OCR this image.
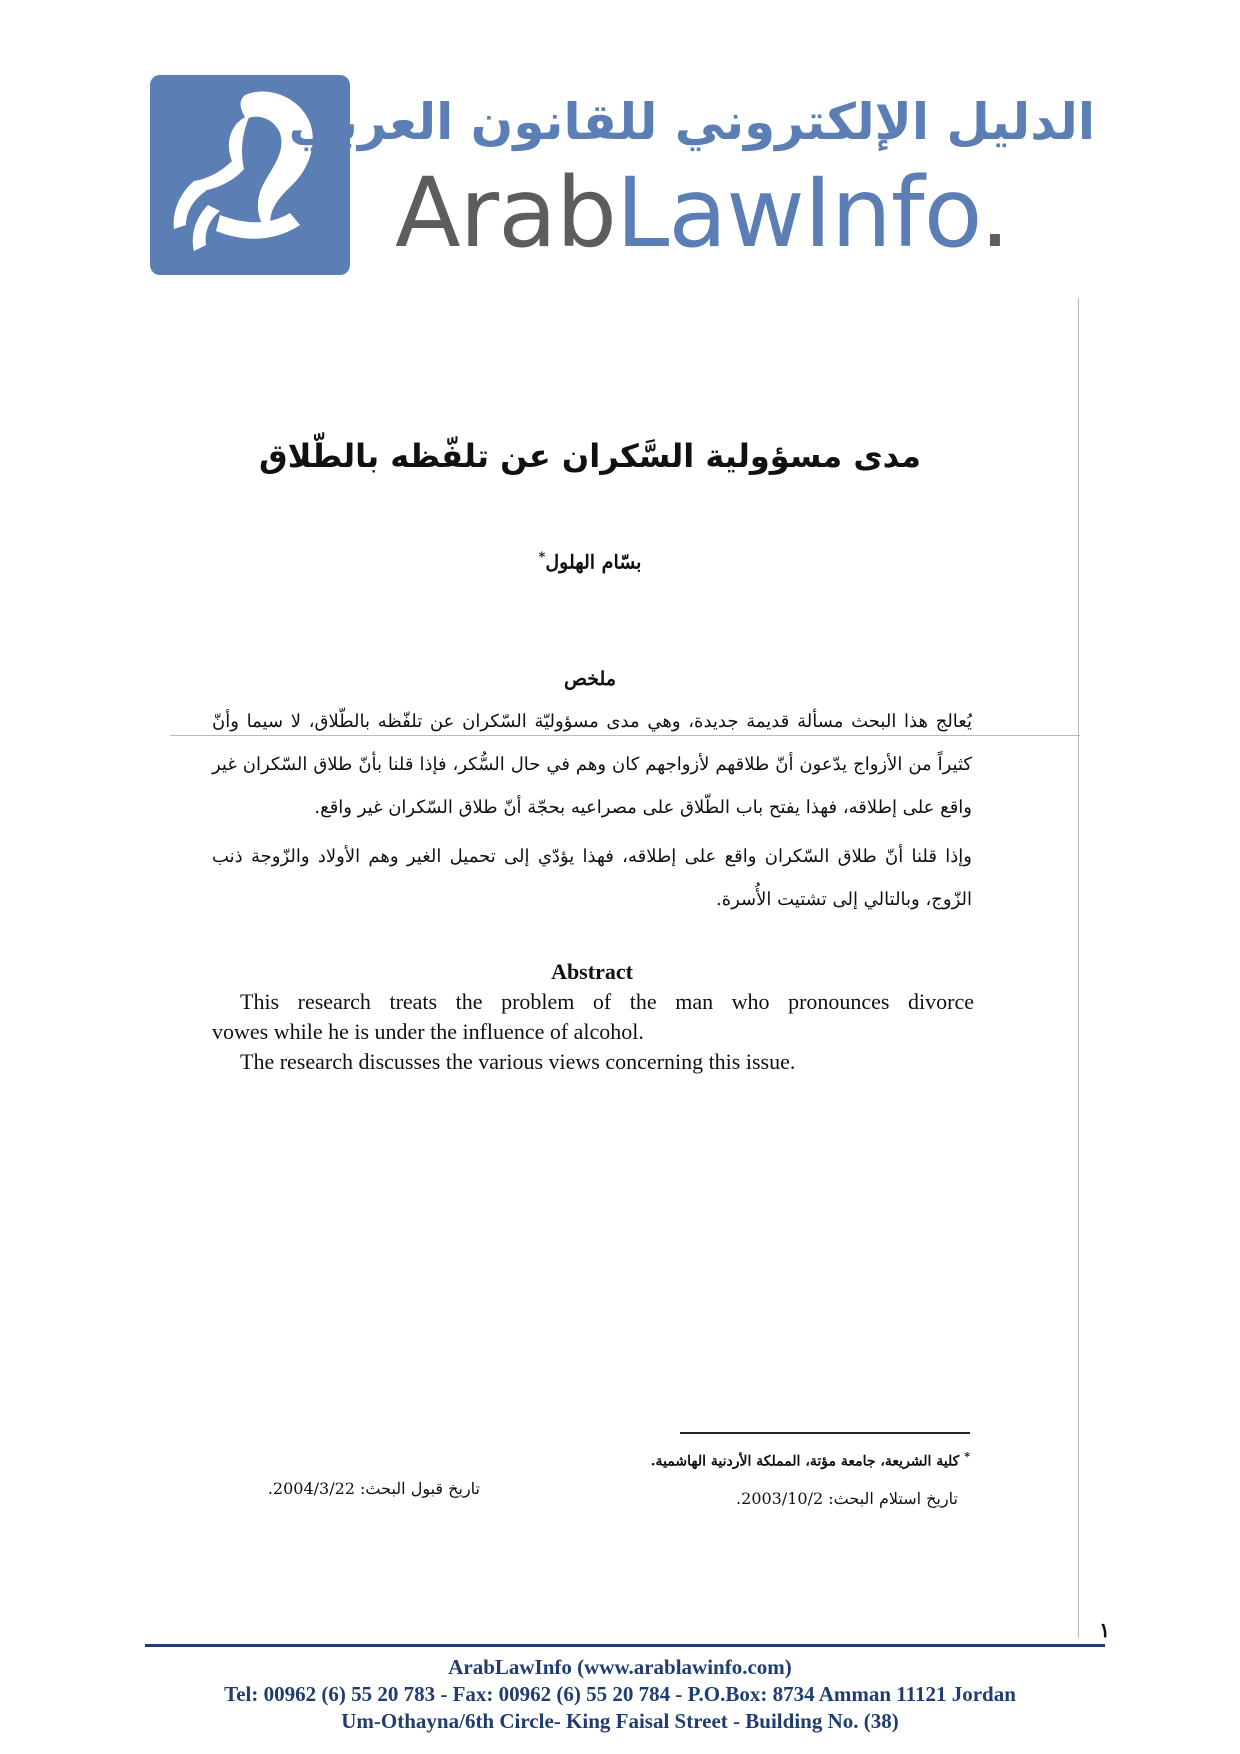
الدليل الإلكتروني للقانون العربي
ArabLawInfo.
مدى مسؤولية السَّكران عن تلفّظه بالطّلاق
بسّام الهلول*
ملخص

يُعالج هذا البحث مسألة قديمة جديدة، وهي مدى مسؤوليّة السّكران عن تلفّظه بالطّلاق، لا سيما وأنّ كثيراً من الأزواج يدّعون أنّ طلاقهم لأزواجهم كان وهم في حال السُّكر، فإذا قلنا بأنّ طلاق السّكران غير واقع على إطلاقه، فهذا يفتح باب الطّلاق على مصراعيه بحجّة أنّ طلاق السّكران غير واقع.

وإذا قلنا أنّ طلاق السّكران واقع على إطلاقه، فهذا يؤدّي إلى تحميل الغير وهم الأولاد والزّوجة ذنب الزّوج، وبالتالي إلى تشتيت الأُسرة.

Abstract

This research treats the problem of the man who pronounces divorce

vowes while he is under the influence of alcohol.

The research discusses the various views concerning this issue.

* كلية الشريعة، جامعة مؤتة، المملكة الأردنية الهاشمية.
تاريخ استلام البحث: 2003/10/2.
تاريخ قبول البحث: 2004/3/22.
١
ArabLawInfo (www.arablawinfo.com)
Tel: 00962 (6) 55 20 783 - Fax: 00962 (6) 55 20 784 - P.O.Box: 8734 Amman 11121 Jordan
Um-Othayna/6th Circle- King Faisal Street - Building No. (38)
